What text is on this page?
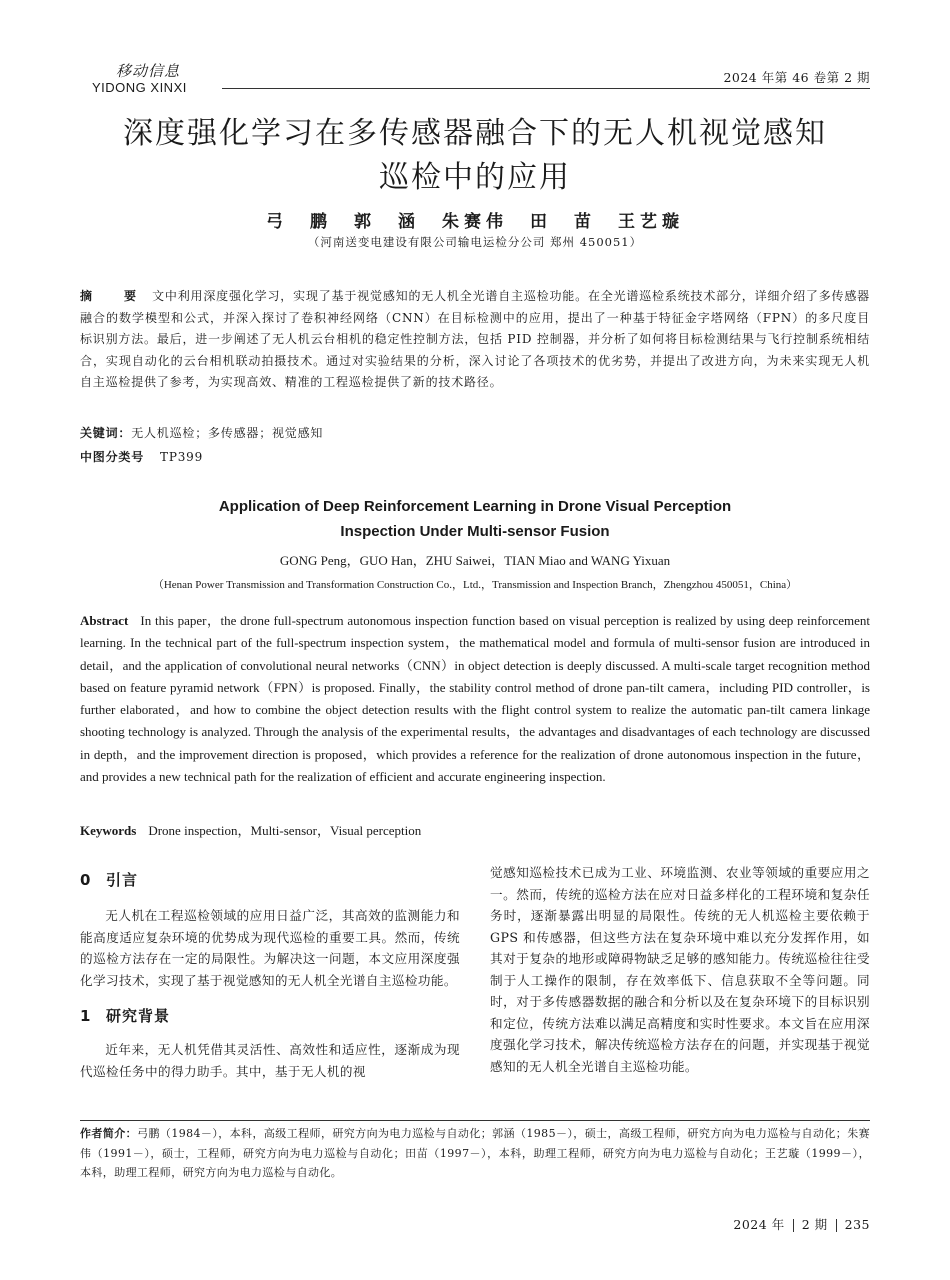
移动信息
YIDONG XINXI
2024 年第 46 卷第 2 期
深度强化学习在多传感器融合下的无人机视觉感知
巡检中的应用
弓　鹏　郭　涵　朱赛伟　田　苗　王艺璇
（河南送变电建设有限公司输电运检分公司 郑州 450051）
摘　要 文中利用深度强化学习，实现了基于视觉感知的无人机全光谱自主巡检功能。在全光谱巡检系统技术部分，详细介绍了多传感器融合的数学模型和公式，并深入探讨了卷积神经网络（CNN）在目标检测中的应用，提出了一种基于特征金字塔网络（FPN）的多尺度目标识别方法。最后，进一步阐述了无人机云台相机的稳定性控制方法，包括 PID 控制器，并分析了如何将目标检测结果与飞行控制系统相结合，实现自动化的云台相机联动拍摄技术。通过对实验结果的分析，深入讨论了各项技术的优劣势，并提出了改进方向，为未来实现无人机自主巡检提供了参考，为实现高效、精准的工程巡检提供了新的技术路径。
关键词：无人机巡检；多传感器；视觉感知
中图分类号 TP399
Application of Deep Reinforcement Learning in Drone Visual Perception
Inspection Under Multi-sensor Fusion
GONG Peng，GUO Han，ZHU Saiwei，TIAN Miao and WANG Yixuan
（Henan Power Transmission and Transformation Construction Co.，Ltd.，Transmission and Inspection Branch，Zhengzhou 450051，China）
Abstract In this paper，the drone full-spectrum autonomous inspection function based on visual perception is realized by using deep reinforcement learning. In the technical part of the full-spectrum inspection system，the mathematical model and formula of multi-sensor fusion are introduced in detail，and the application of convolutional neural networks（CNN）in object detection is deeply discussed. A multi-scale target recognition method based on feature pyramid network（FPN）is proposed. Finally，the stability control method of drone pan-tilt camera，including PID controller，is further elaborated，and how to combine the object detection results with the flight control system to realize the automatic pan-tilt camera linkage shooting technology is analyzed. Through the analysis of the experimental results，the advantages and disadvantages of each technology are discussed in depth，and the improvement direction is proposed，which provides a reference for the realization of drone autonomous inspection in the future，and provides a new technical path for the realization of efficient and accurate engineering inspection.
Keywords Drone inspection，Multi-sensor，Visual perception
0 引言

无人机在工程巡检领域的应用日益广泛，其高效的监测能力和能高度适应复杂环境的优势成为现代巡检的重要工具。然而，传统的巡检方法存在一定的局限性。为解决这一问题，本文应用深度强化学习技术，实现了基于视觉感知的无人机全光谱自主巡检功能。

1 研究背景

近年来，无人机凭借其灵活性、高效性和适应性，逐渐成为现代巡检任务中的得力助手。其中，基于无人机的视

觉感知巡检技术已成为工业、环境监测、农业等领域的重要应用之一。然而，传统的巡检方法在应对日益多样化的工程环境和复杂任务时，逐渐暴露出明显的局限性。传统的无人机巡检主要依赖于 GPS 和传感器，但这些方法在复杂环境中难以充分发挥作用，如其对于复杂的地形或障碍物缺乏足够的感知能力。传统巡检往往受制于人工操作的限制，存在效率低下、信息获取不全等问题。同时，对于多传感器数据的融合和分析以及在复杂环境下的目标识别和定位，传统方法难以满足高精度和实时性要求。本文旨在应用深度强化学习技术，解决传统巡检方法存在的问题，并实现基于视觉感知的无人机全光谱自主巡检功能。

作者简介：弓鹏（1984－），本科，高级工程师，研究方向为电力巡检与自动化；郭涵（1985－），硕士，高级工程师，研究方向为电力巡检与自动化；朱赛伟（1991－），硕士，工程师，研究方向为电力巡检与自动化；田苗（1997－），本科，助理工程师，研究方向为电力巡检与自动化；王艺璇（1999－），本科，助理工程师，研究方向为电力巡检与自动化。
2024 年 2 期 235
